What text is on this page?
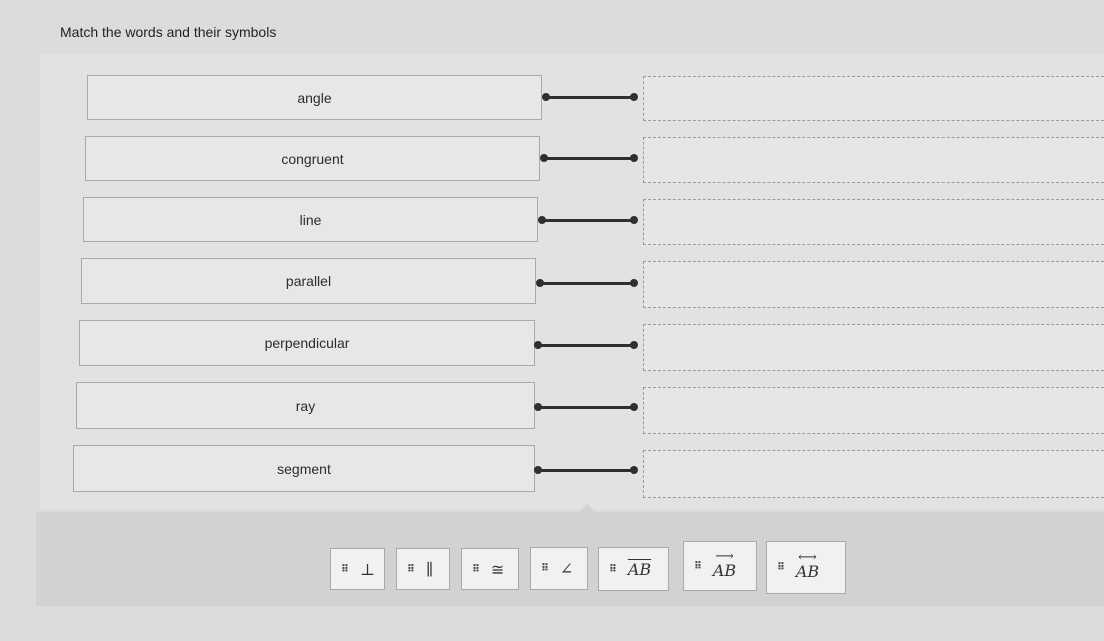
Match the words and their symbols
angle
congruent
line
parallel
perpendicular
ray
segment
⠿ ⊥	⠿ ∥	⠿ ≅	⠿ ∠	⠿ $\overline{AB}$	⠿
⟶
AB	⠿
⟷
AB
